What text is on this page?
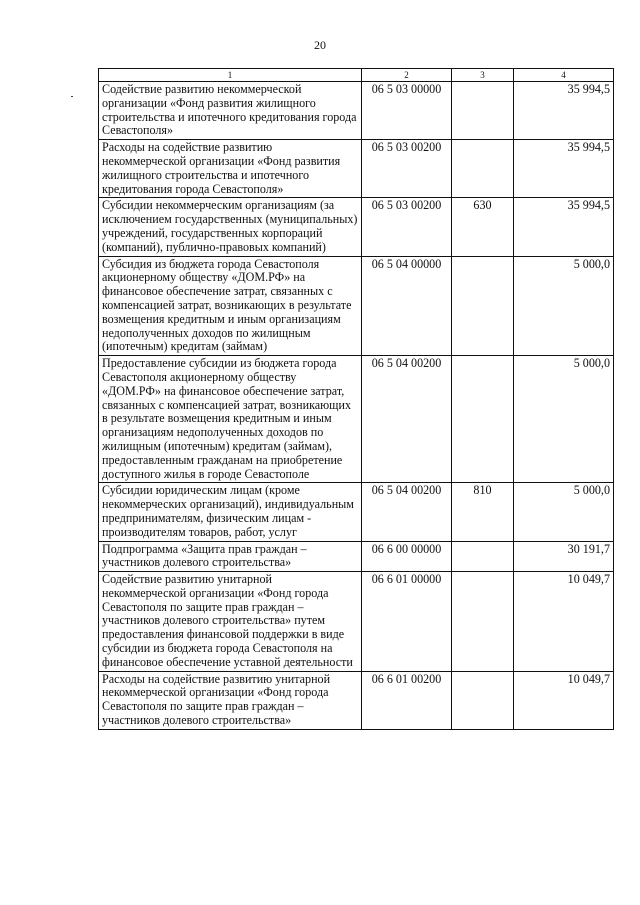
20
1	2	3	4
Содействие развитию некоммерческой организации «Фонд развития жилищного строительства и ипотечного кредитования города Севастополя»	06 5 03 00000		35 994,5
Расходы на содействие развитию некоммерческой организации «Фонд развития жилищного строительства и ипотечного кредитования города Севастополя»	06 5 03 00200		35 994,5
Субсидии некоммерческим организациям (за исключением государственных (муниципальных) учреждений, государственных корпораций (компаний), публично-правовых компаний)	06 5 03 00200	630	35 994,5
Субсидия из бюджета города Севастополя акционерному обществу «ДОМ.РФ» на финансовое обеспечение затрат, связанных с компенсацией затрат, возникающих в результате возмещения кредитным и иным организациям недополученных доходов по жилищным (ипотечным) кредитам (займам)	06 5 04 00000		5 000,0
Предоставление субсидии из бюджета города Севастополя акционерному обществу «ДОМ.РФ» на финансовое обеспечение затрат, связанных с компенсацией затрат, возникающих в результате возмещения кредитным и иным организациям недополученных доходов по жилищным (ипотечным) кредитам (займам), предоставленным гражданам на приобретение доступного жилья в городе Севастополе	06 5 04 00200		5 000,0
Субсидии юридическим лицам (кроме некоммерческих организаций), индивидуальным предпринимателям, физическим лицам - производителям товаров, работ, услуг	06 5 04 00200	810	5 000,0
Подпрограмма «Защита прав граждан – участников долевого строительства»	06 6 00 00000		30 191,7
Содействие развитию унитарной некоммерческой организации «Фонд города Севастополя по защите прав граждан – участников долевого строительства» путем предоставления финансовой поддержки в виде субсидии из бюджета города Севастополя на финансовое обеспечение уставной деятельности	06 6 01 00000		10 049,7
Расходы на содействие развитию унитарной некоммерческой организации «Фонд города Севастополя по защите прав граждан – участников долевого строительства»	06 6 01 00200		10 049,7
